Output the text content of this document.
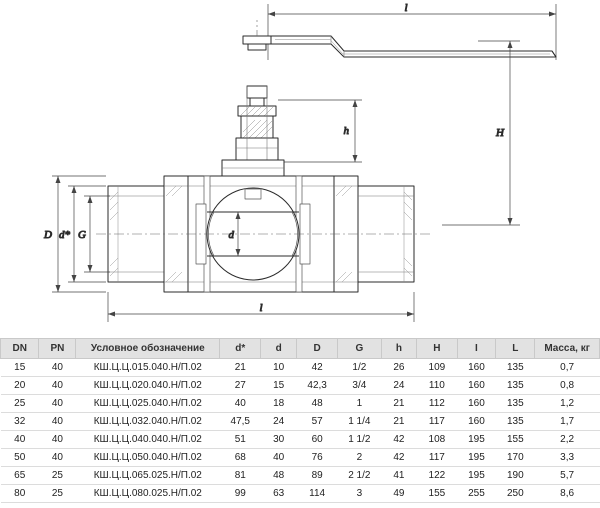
l
h	H
D d* G	d
l
DN	PN	Условное обозначение	d*	d	D	G	h	H	I	L	Масса, кг
15	40	КШ.Ц.Ц.015.040.Н/П.02	21	10	42	1/2	26	109	160	135	0,7
20	40	КШ.Ц.Ц.020.040.Н/П.02	27	15	42,3	3/4	24	110	160	135	0,8
25	40	КШ.Ц.Ц.025.040.Н/П.02	40	18	48	1	21	112	160	135	1,2
32	40	КШ.Ц.Ц.032.040.Н/П.02	47,5	24	57	1 1/4	21	117	160	135	1,7
40	40	КШ.Ц.Ц.040.040.Н/П.02	51	30	60	1 1/2	42	108	195	155	2,2
50	40	КШ.Ц.Ц.050.040.Н/П.02	68	40	76	2	42	117	195	170	3,3
65	25	КШ.Ц.Ц.065.025.Н/П.02	81	48	89	2 1/2	41	122	195	190	5,7
80	25	КШ.Ц.Ц.080.025.Н/П.02	99	63	114	3	49	155	255	250	8,6
